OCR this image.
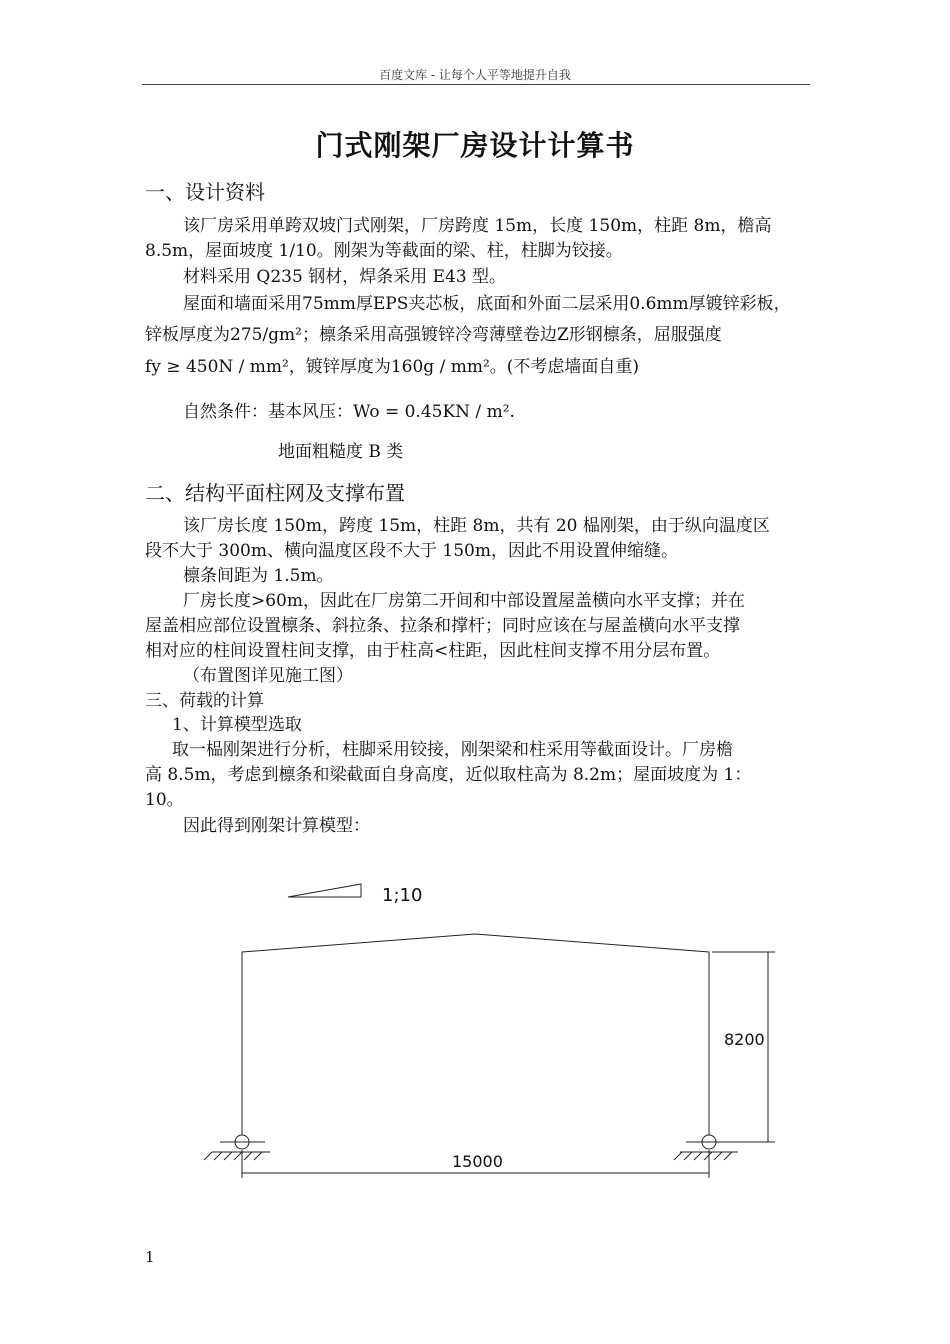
百度文库 - 让每个人平等地提升自我
门式刚架厂房设计计算书
一、设计资料
该厂房采用单跨双坡门式刚架，厂房跨度 15m，长度 150m，柱距 8m，檐高
8.5m，屋面坡度 1/10。刚架为等截面的梁、柱，柱脚为铰接。
材料采用 Q235 钢材，焊条采用 E43 型。
屋面和墙面采用75mm厚EPS夹芯板，底面和外面二层采用0.6mm厚镀锌彩板，
锌板厚度为275/gm²；檩条采用高强镀锌冷弯薄壁卷边Z形钢檩条，屈服强度
fy ≥ 450N / mm²，镀锌厚度为160g / mm²。(不考虑墙面自重)
自然条件：基本风压：Wo = 0.45KN / m².
地面粗糙度 B 类
二、结构平面柱网及支撑布置
该厂房长度 150m，跨度 15m，柱距 8m，共有 20 榀刚架，由于纵向温度区
段不大于 300m、横向温度区段不大于 150m，因此不用设置伸缩缝。
檩条间距为 1.5m。
厂房长度>60m，因此在厂房第二开间和中部设置屋盖横向水平支撑；并在
屋盖相应部位设置檩条、斜拉条、拉条和撑杆；同时应该在与屋盖横向水平支撑
相对应的柱间设置柱间支撑，由于柱高<柱距，因此柱间支撑不用分层布置。
（布置图详见施工图）
三、荷载的计算
1、计算模型选取
取一榀刚架进行分析，柱脚采用铰接，刚架梁和柱采用等截面设计。厂房檐
高 8.5m，考虑到檩条和梁截面自身高度，近似取柱高为 8.2m；屋面坡度为 1：
10。
因此得到刚架计算模型：
1;10
8200
15000
1
